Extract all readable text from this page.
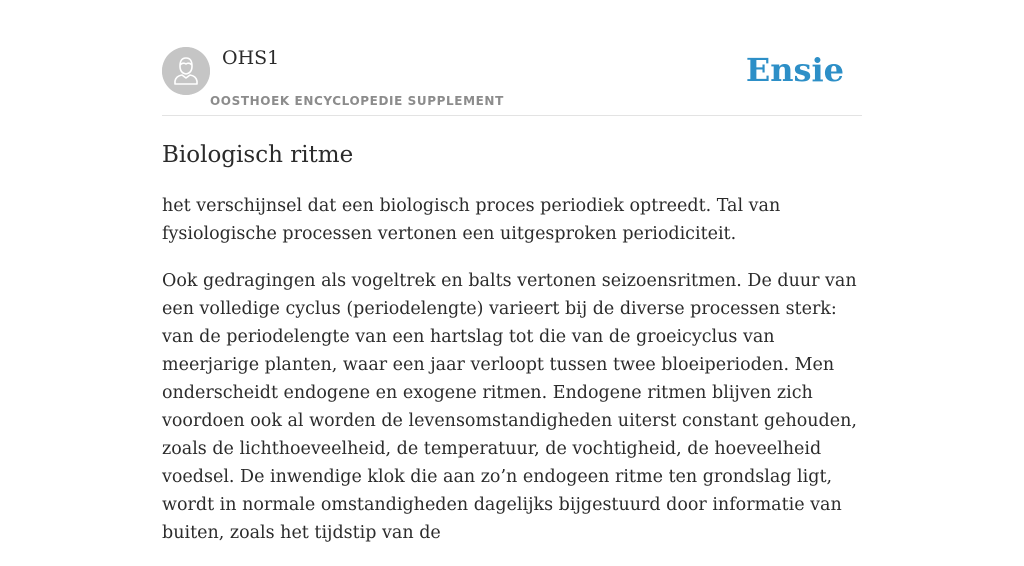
OHS1
OOSTHOEK ENCYCLOPEDIE SUPPLEMENT
Ensie
Biologisch ritme

het verschijnsel dat een biologisch proces periodiek optreedt. Tal van fysiologische processen vertonen een uitgesproken periodiciteit.

Ook gedragingen als vogeltrek en balts vertonen seizoensritmen. De duur van een volledige cyclus (periodelengte) varieert bij de diverse processen sterk: van de periodelengte van een hartslag tot die van de groeicyclus van meerjarige planten, waar een jaar verloopt tussen twee bloeiperioden. Men onderscheidt endogene en exogene ritmen. Endogene ritmen blijven zich voordoen ook al worden de levensomstandigheden uiterst constant gehouden, zoals de lichthoeveelheid, de temperatuur, de vochtigheid, de hoeveelheid voedsel. De inwendige klok die aan zo’n endogeen ritme ten grondslag ligt, wordt in normale omstandigheden dagelijks bijgestuurd door informatie van buiten, zoals het tijdstip van de
